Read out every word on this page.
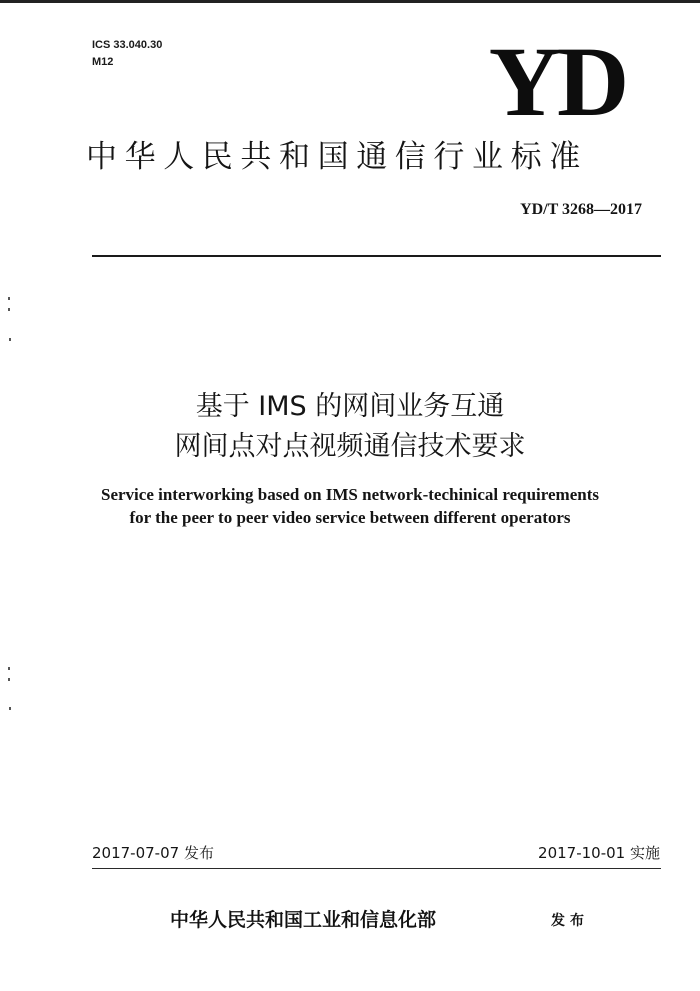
ICS 33.040.30
M12	YD
中华人民共和国通信行业标准
YD/T 3268—2017
基于 IMS 的网间业务互通
网间点对点视频通信技术要求
Service interworking based on IMS network-techinical requirements
for the peer to peer video service between different operators
2017-07-07 发布	2017-10-01 实施
中华人民共和国工业和信息化部	发布
